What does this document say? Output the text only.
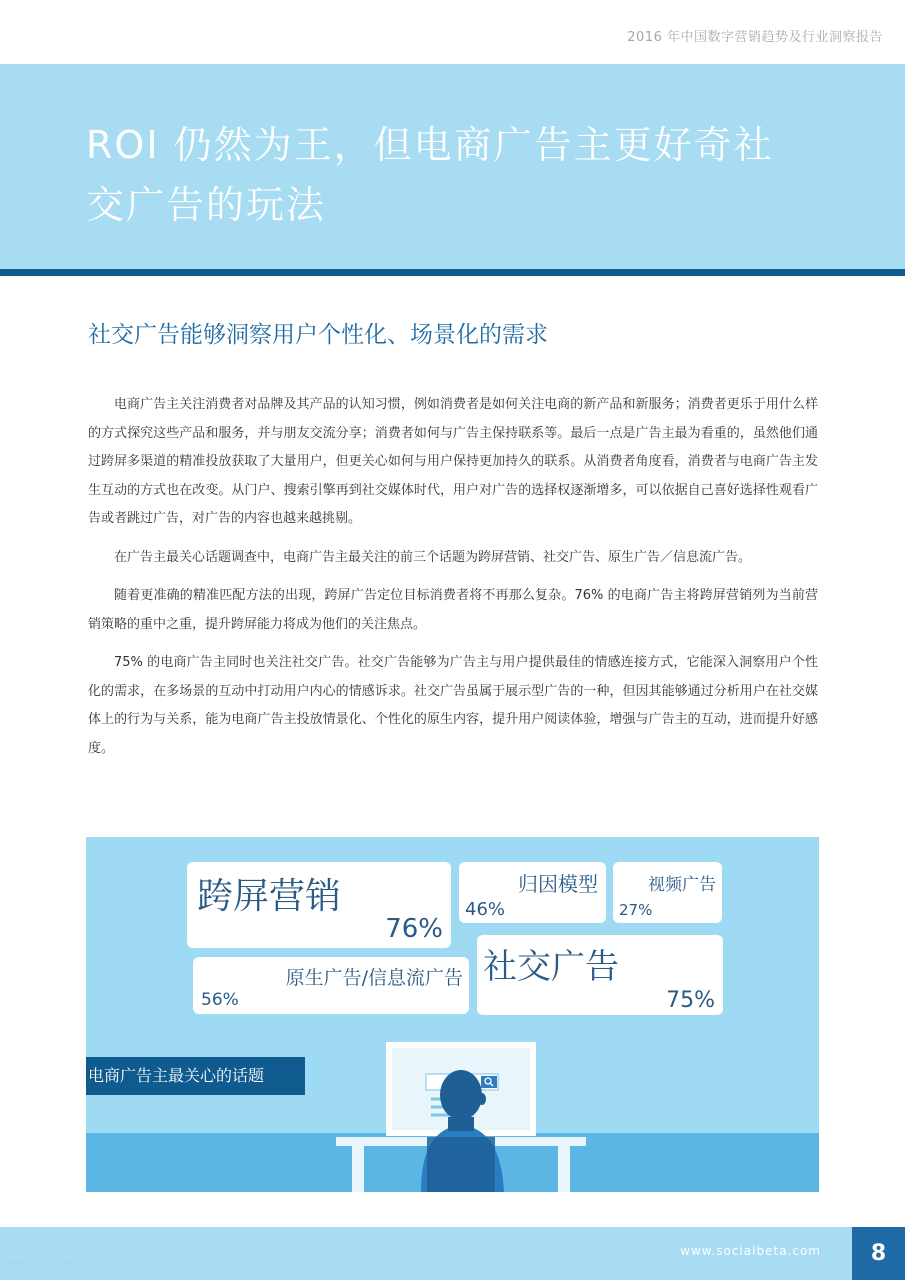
2016 年中国数字营销趋势及行业洞察报告
ROI 仍然为王，但电商广告主更好奇社
交广告的玩法
社交广告能够洞察用户个性化、场景化的需求

电商广告主关注消费者对品牌及其产品的认知习惯，例如消费者是如何关注电商的新产品和新服务；消费者更乐于用什么样的方式探究这些产品和服务，并与朋友交流分享；消费者如何与广告主保持联系等。最后一点是广告主最为看重的，虽然他们通过跨屏多渠道的精准投放获取了大量用户，但更关心如何与用户保持更加持久的联系。从消费者角度看，消费者与电商广告主发生互动的方式也在改变。从门户、搜索引擎再到社交媒体时代，用户对广告的选择权逐渐增多，可以依据自己喜好选择性观看广告或者跳过广告，对广告的内容也越来越挑剔。

在广告主最关心话题调查中，电商广告主最关注的前三个话题为跨屏营销、社交广告、原生广告／信息流广告。

随着更准确的精准匹配方法的出现，跨屏广告定位目标消费者将不再那么复杂。76% 的电商广告主将跨屏营销列为当前营销策略的重中之重，提升跨屏能力将成为他们的关注焦点。

75% 的电商广告主同时也关注社交广告。社交广告能够为广告主与用户提供最佳的情感连接方式，它能深入洞察用户个性化的需求，在多场景的互动中打动用户内心的情感诉求。社交广告虽属于展示型广告的一种，但因其能够通过分析用户在社交媒体上的行为与关系，能为电商广告主投放情景化、个性化的原生内容，提升用户阅读体验，增强与广告主的互动，进而提升好感度。

跨屏营销
76%
归因模型
46%
视频广告
27%
社交广告
75%
原生广告/信息流广告
56%
电商广告主最关心的话题
www.socialbeta.com	8
www.jegit.com.cn
